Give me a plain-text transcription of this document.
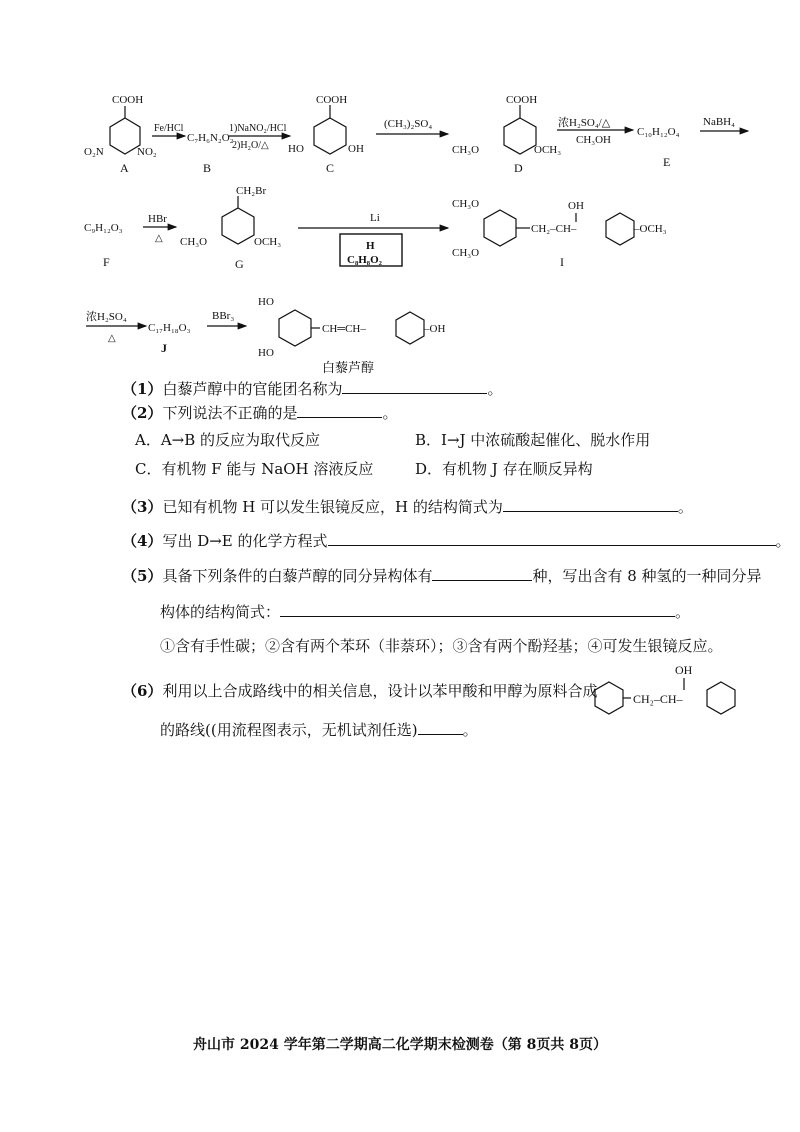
COOH
O₂N	NO₂
A
Fe/HCl
C₇H₆N₂O₂
B
1)NaNO₂/HCl
2)H₂O/△
COOH
HO	OH
C
(CH₃)₂SO₄
COOH
CH₃O	OCH₃
D
浓H₂SO₄/△
CH₃OH
C₁₀H₁₂O₄
E
NaBH₄
C₉H₁₂O₃
F
HBr
△
CH₂Br
CH₃O	OCH₃
G
Li
H
C₈H₈O₂
CH₃O
CH₃O
CH₂–CH–
OH
–OCH₃
I
浓H₂SO₄
△
C₁₇H₁₈O₃
J
BBr₃
HO
HO
CH═CH–	–OH
白藜芦醇
（1）白藜芦醇中的官能团名称为	。
（2）下列说法不正确的是	。
A．A→B 的反应为取代反应	B．I→J 中浓硫酸起催化、脱水作用
C．有机物 F 能与 NaOH 溶液反应	D．有机物 J 存在顺反异构
（3）已知有机物 H 可以发生银镜反应，H 的结构简式为	。
（4）写出 D→E 的化学方程式	。
（5）具备下列条件的白藜芦醇的同分异构体有	种，写出含有 8 种氢的一种同分异
构体的结构简式：	。
①含有手性碳；②含有两个苯环（非萘环）；③含有两个酚羟基；④可发生银镜反应。
（6）利用以上合成路线中的相关信息，设计以苯甲酸和甲醇为原料合成	CH₂–CH–
OH
的路线((用流程图表示，无机试剂任选)	。
舟山市 2024 学年第二学期高二化学期末检测卷（第 8页共 8页）
